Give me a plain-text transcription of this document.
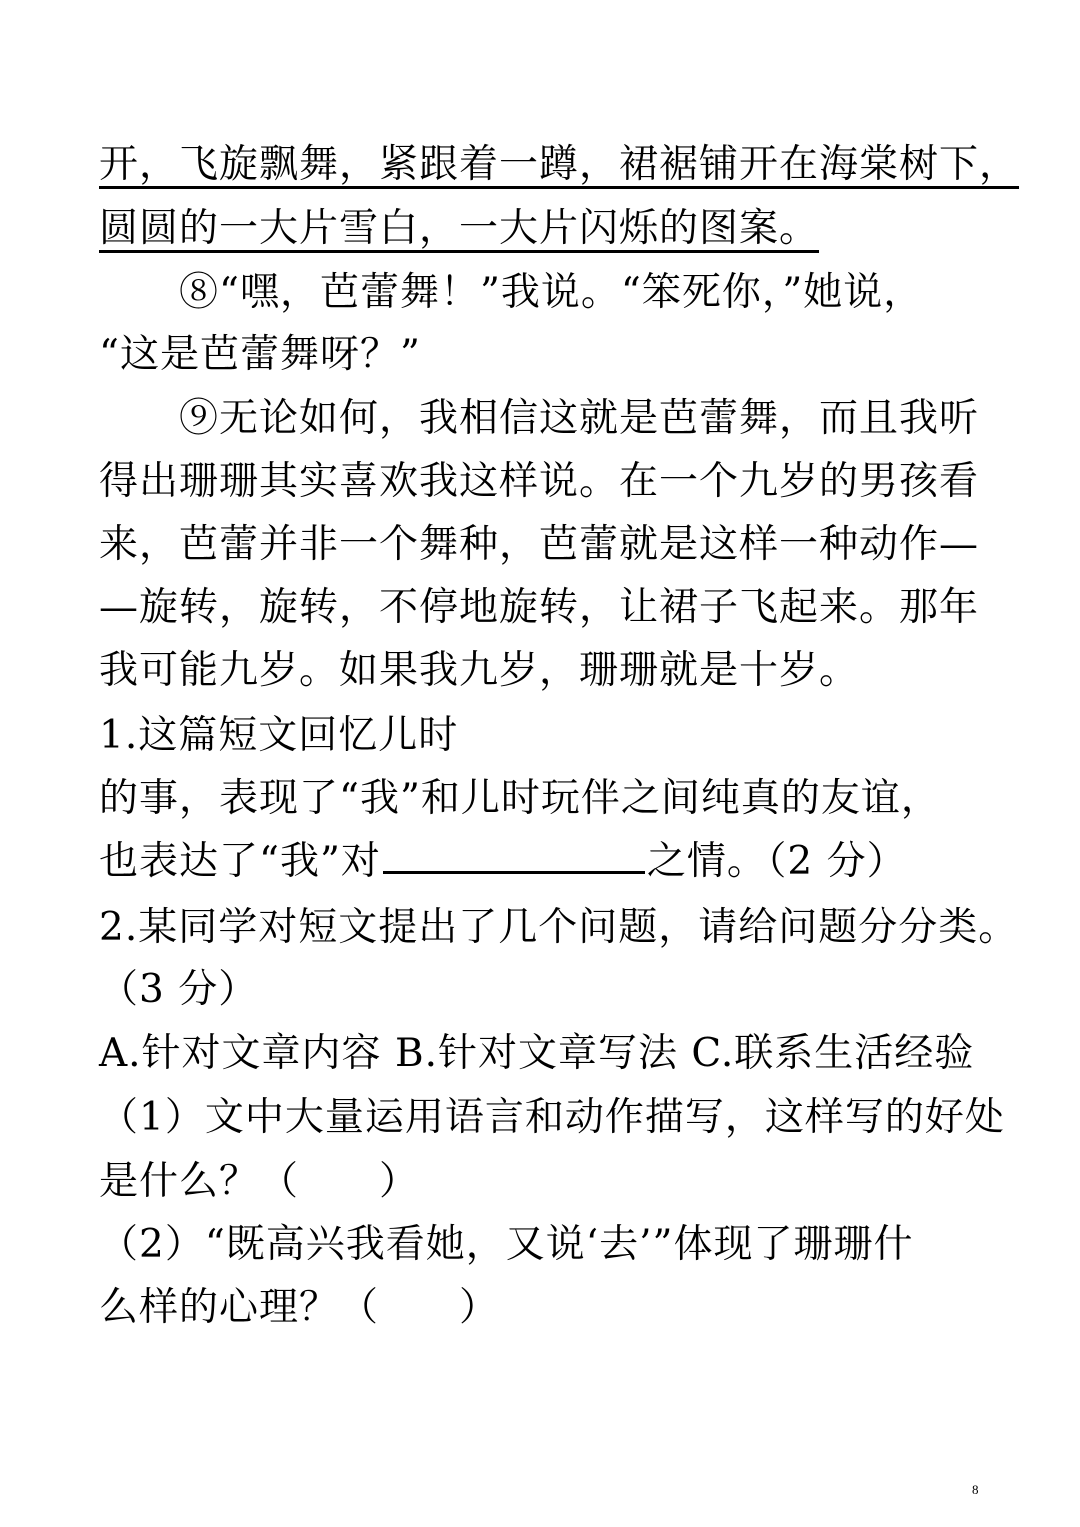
开，飞旋飘舞，紧跟着一蹲，裙裾铺开在海棠树下，
圆圆的一大片雪白，一大片闪烁的图案。
　　⑧“嘿，芭蕾舞！”我说。“笨死你，”她说，
“这是芭蕾舞呀？”
　　⑨无论如何，我相信这就是芭蕾舞，而且我听
得出珊珊其实喜欢我这样说。在一个九岁的男孩看
来，芭蕾并非一个舞种，芭蕾就是这样一种动作—
—旋转，旋转，不停地旋转，让裙子飞起来。那年
我可能九岁。如果我九岁，珊珊就是十岁。
1.这篇短文回忆儿时
的事，表现了“我”和儿时玩伴之间纯真的友谊，
也表达了“我”对	之情。（2 分）
2.某同学对短文提出了几个问题，请给问题分分类。
（3 分）
A.针对文章内容 B.针对文章写法 C.联系生活经验
（1）文中大量运用语言和动作描写，这样写的好处
是什么？（　　）
（2）“既高兴我看她，又说‘去’”体现了珊珊什
么样的心理？（　　）
8
